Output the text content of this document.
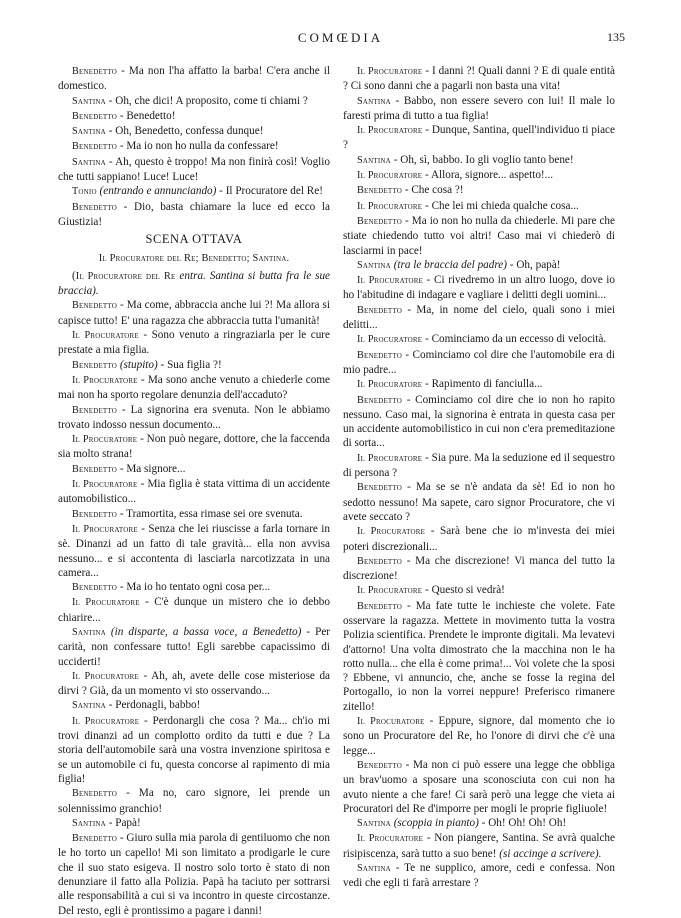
COMŒDIA	135

Benedetto - Ma non l'ha affatto la barba! C'era anche il domestico.

Santina - Oh, che dici! A proposito, come ti chiami ?

Benedetto - Benedetto!

Santina - Oh, Benedetto, confessa dunque!

Benedetto - Ma io non ho nulla da confessare!

Santina - Ah, questo è troppo! Ma non finirà così! Voglio che tutti sappiano! Luce! Luce!

Tonio (entrando e annunciando) - Il Procuratore del Re!

Benedetto - Dio, basta chiamare la luce ed ecco la Giustizia!

SCENA OTTAVA

Il Procuratore del Re; Benedetto; Santina.

(Il Procuratore del Re entra. Santina si butta fra le sue braccia).

Benedetto - Ma come, abbraccia anche lui ?! Ma allora si capisce tutto! E' una ragazza che abbraccia tutta l'umanità!

Il Procuratore - Sono venuto a ringraziarla per le cure prestate a mia figlia.

Benedetto (stupito) - Sua figlia ?!

Il Procuratore - Ma sono anche venuto a chiederle come mai non ha sporto regolare denunzia dell'accaduto?

Benedetto - La signorina era svenuta. Non le abbiamo trovato indosso nessun documento...

Il Procuratore - Non può negare, dottore, che la faccenda sia molto strana!

Benedetto - Ma signore...

Il Procuratore - Mia figlia è stata vittima di un accidente automobilistico...

Benedetto - Tramortita, essa rimase sei ore svenuta.

Il Procuratore - Senza che lei riuscisse a farla tornare in sè. Dinanzi ad un fatto di tale gravità... ella non avvisa nessuno... e si accontenta di lasciarla narcotizzata in una camera...

Benedetto - Ma io ho tentato ogni cosa per...

Il Procuratore - C'è dunque un mistero che io debbo chiarire...

Santina (in disparte, a bassa voce, a Benedetto) - Per carità, non confessare tutto! Egli sarebbe capacissimo di ucciderti!

Il Procuratore - Ah, ah, avete delle cose misteriose da dirvi ? Già, da un momento vi sto osservando...

Santina - Perdonagli, babbo!

Il Procuratore - Perdonargli che cosa ? Ma... ch'io mi trovi dinanzi ad un complotto ordito da tutti e due ? La storia dell'automobile sarà una vostra invenzione spiritosa e se un automobile ci fu, questa concorse al rapimento di mia figlia!

Benedetto - Ma no, caro signore, lei prende un solennissimo granchio!

Santina - Papà!

Benedetto - Giuro sulla mia parola di gentiluomo che non le ho torto un capello! Mi son limitato a prodigarle le cure che il suo stato esigeva. Il nostro solo torto è stato di non denunziare il fatto alla Polizia. Papà ha taciuto per sottrarsi alle responsabilità a cui si va incontro in queste circostanze. Del resto, egli è prontissimo a pagare i danni!

Il Procuratore - I danni ?! Quali danni ? E di quale entità ? Ci sono danni che a pagarli non basta una vita!

Santina - Babbo, non essere severo con lui! Il male lo faresti prima di tutto a tua figlia!

Il Procuratore - Dunque, Santina, quell'individuo ti piace ?

Santina - Oh, sì, babbo. Io gli voglio tanto bene!

Il Procuratore - Allora, signore... aspetto!...

Benedetto - Che cosa ?!

Il Procuratore - Che lei mi chieda qualche cosa...

Benedetto - Ma io non ho nulla da chiederle. Mi pare che stiate chiedendo tutto voi altri! Caso mai vi chiederò di lasciarmi in pace!

Santina (tra le braccia del padre) - Oh, papà!

Il Procuratore - Ci rivedremo in un altro luogo, dove io ho l'abitudine di indagare e vagliare i delitti degli uomini...

Benedetto - Ma, in nome del cielo, quali sono i miei delitti...

Il Procuratore - Cominciamo da un eccesso di velocità.

Benedetto - Cominciamo col dire che l'automobile era di mio padre...

Il Procuratore - Rapimento di fanciulla...

Benedetto - Cominciamo col dire che io non ho rapito nessuno. Caso mai, la signorina è entrata in questa casa per un accidente automobilistico in cui non c'era premeditazione di sorta...

Il Procuratore - Sia pure. Ma la seduzione ed il sequestro di persona ?

Benedetto - Ma se se n'è andata da sè! Ed io non ho sedotto nessuno! Ma sapete, caro signor Procuratore, che vi avete seccato ?

Il Procuratore - Sarà bene che io m'investa dei miei poteri discrezionali...

Benedetto - Ma che discrezione! Vi manca del tutto la discrezione!

Il Procuratore - Questo si vedrà!

Benedetto - Ma fate tutte le inchieste che volete. Fate osservare la ragazza. Mettete in movimento tutta la vostra Polizia scientifica. Prendete le impronte digitali. Ma levatevi d'attorno! Una volta dimostrato che la macchina non le ha rotto nulla... che ella è come prima!... Voi volete che la sposi ? Ebbene, vi annuncio, che, anche se fosse la regina del Portogallo, io non la vorrei neppure! Preferisco rimanere zitello!

Il Procuratore - Eppure, signore, dal momento che io sono un Procuratore del Re, ho l'onore di dirvi che c'è una legge...

Benedetto - Ma non ci può essere una legge che obbliga un brav'uomo a sposare una sconosciuta con cui non ha avuto niente a che fare! Ci sarà però una legge che vieta ai Procuratori del Re d'imporre per mogli le proprie figliuole!

Santina (scoppia in pianto) - Oh! Oh! Oh! Oh!

Il Procuratore - Non piangere, Santina. Se avrà qualche risipiscenza, sarà tutto a suo bene! (si accinge a scrivere).

Santina - Te ne supplico, amore, cedi e confessa. Non vedi che egli ti farà arrestare ?
